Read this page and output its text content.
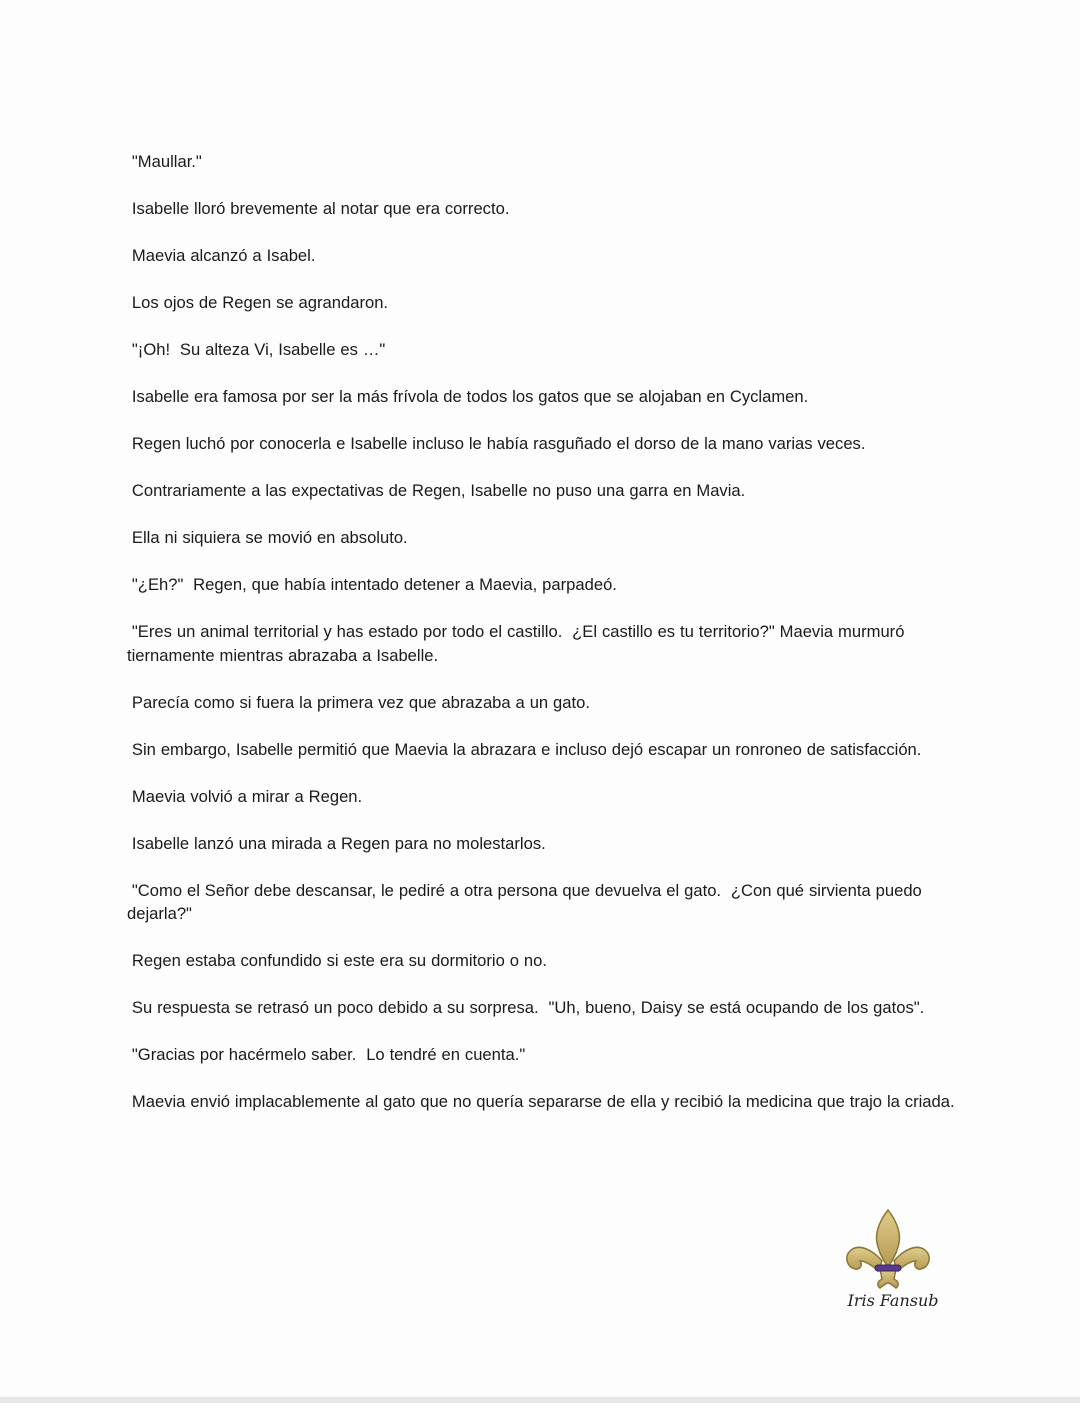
"Maullar."

Isabelle lloró brevemente al notar que era correcto.

Maevia alcanzó a Isabel.

Los ojos de Regen se agrandaron.

"¡Oh!  Su alteza Vi, Isabelle es …"

Isabelle era famosa por ser la más frívola de todos los gatos que se alojaban en Cyclamen.

Regen luchó por conocerla e Isabelle incluso le había rasguñado el dorso de la mano varias veces.

Contrariamente a las expectativas de Regen, Isabelle no puso una garra en Mavia.

Ella ni siquiera se movió en absoluto.

"¿Eh?"  Regen, que había intentado detener a Maevia, parpadeó.

"Eres un animal territorial y has estado por todo el castillo.  ¿El castillo es tu territorio?" Maevia murmuró tiernamente mientras abrazaba a Isabelle.

Parecía como si fuera la primera vez que abrazaba a un gato.

Sin embargo, Isabelle permitió que Maevia la abrazara e incluso dejó escapar un ronroneo de satisfacción.

Maevia volvió a mirar a Regen.

Isabelle lanzó una mirada a Regen para no molestarlos.

"Como el Señor debe descansar, le pediré a otra persona que devuelva el gato.  ¿Con qué sirvienta puedo dejarla?"

Regen estaba confundido si este era su dormitorio o no.

Su respuesta se retrasó un poco debido a su sorpresa.  "Uh, bueno, Daisy se está ocupando de los gatos".

"Gracias por hacérmelo saber.  Lo tendré en cuenta."

Maevia envió implacablemente al gato que no quería separarse de ella y recibió la medicina que trajo la criada.

Iris Fansub
